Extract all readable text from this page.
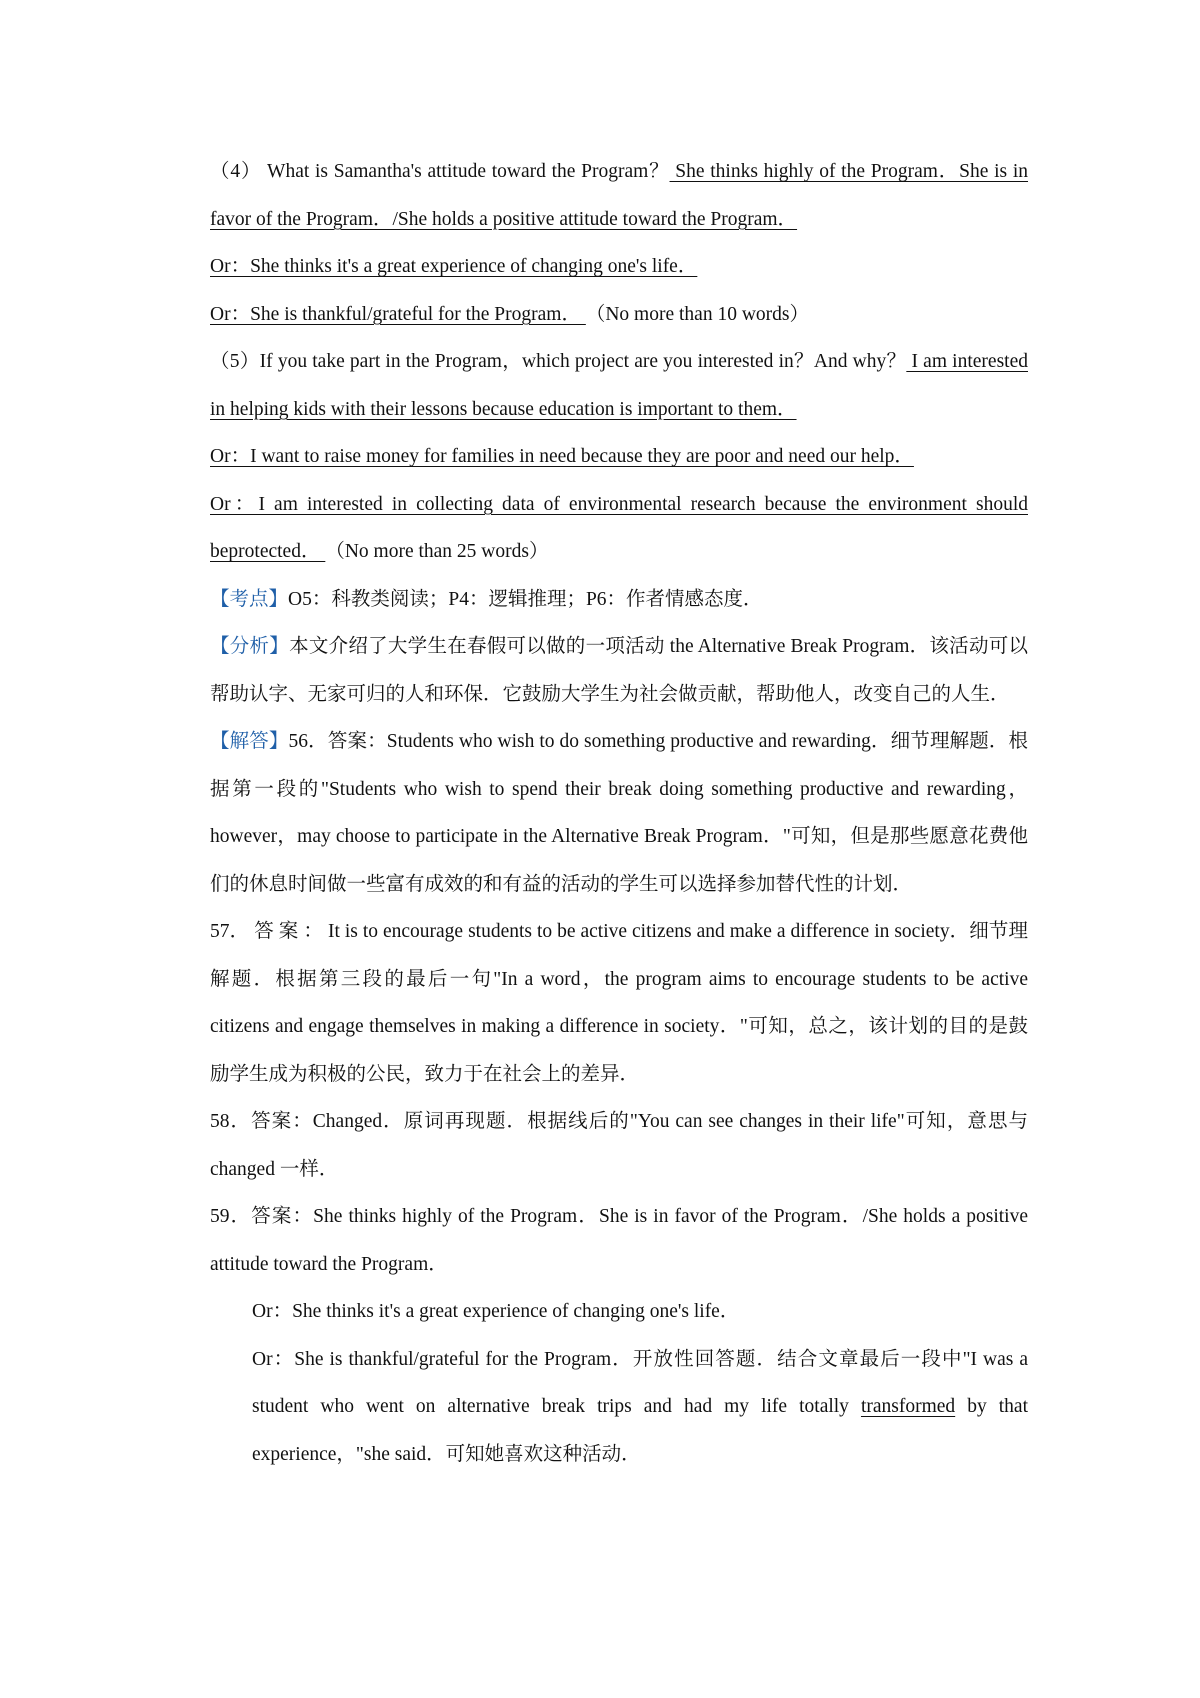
（4） What is Samantha's attitude toward the Program？ She thinks highly of the Program．She is in favor of the Program．/She holds a positive attitude toward the Program．

Or：She thinks it's a great experience of changing one's life．

Or：She is thankful/grateful for the Program． （No more than 10 words）

（5）If you take part in the Program，which project are you interested in？And why？ I am interested in helping kids with their lessons because education is important to them．

Or：I want to raise money for families in need because they are poor and need our help．

Or：I am interested in collecting data of environmental research because the environment should beprotected． （No more than 25 words）

【考点】O5：科教类阅读；P4：逻辑推理；P6：作者情感态度．

【分析】本文介绍了大学生在春假可以做的一项活动 the Alternative Break Program．该活动可以帮助认字、无家可归的人和环保．它鼓励大学生为社会做贡献，帮助他人，改变自己的人生．

【解答】56．答案：Students who wish to do something productive and rewarding．细节理解题．根据第一段的"Students who wish to spend their break doing something productive and rewarding，however，may choose to participate in the Alternative Break Program．"可知，但是那些愿意花费他们的休息时间做一些富有成效的和有益的活动的学生可以选择参加替代性的计划．

57． 答 案 ： It is to encourage students to be active citizens and make a difference in society．细节理解题．根据第三段的最后一句"In a word，the program aims to encourage students to be active citizens and engage themselves in making a difference in society．"可知，总之，该计划的目的是鼓励学生成为积极的公民，致力于在社会上的差异．

58．答案：Changed．原词再现题．根据线后的"You can see changes in their life"可知，意思与 changed 一样．

59．答案：She thinks highly of the Program．She is in favor of the Program．/She holds a positive attitude toward the Program．

Or：She thinks it's a great experience of changing one's life．

Or：She is thankful/grateful for the Program．开放性回答题．结合文章最后一段中"I was a student who went on alternative break trips and had my life totally transformed by that experience，"she said．可知她喜欢这种活动．
